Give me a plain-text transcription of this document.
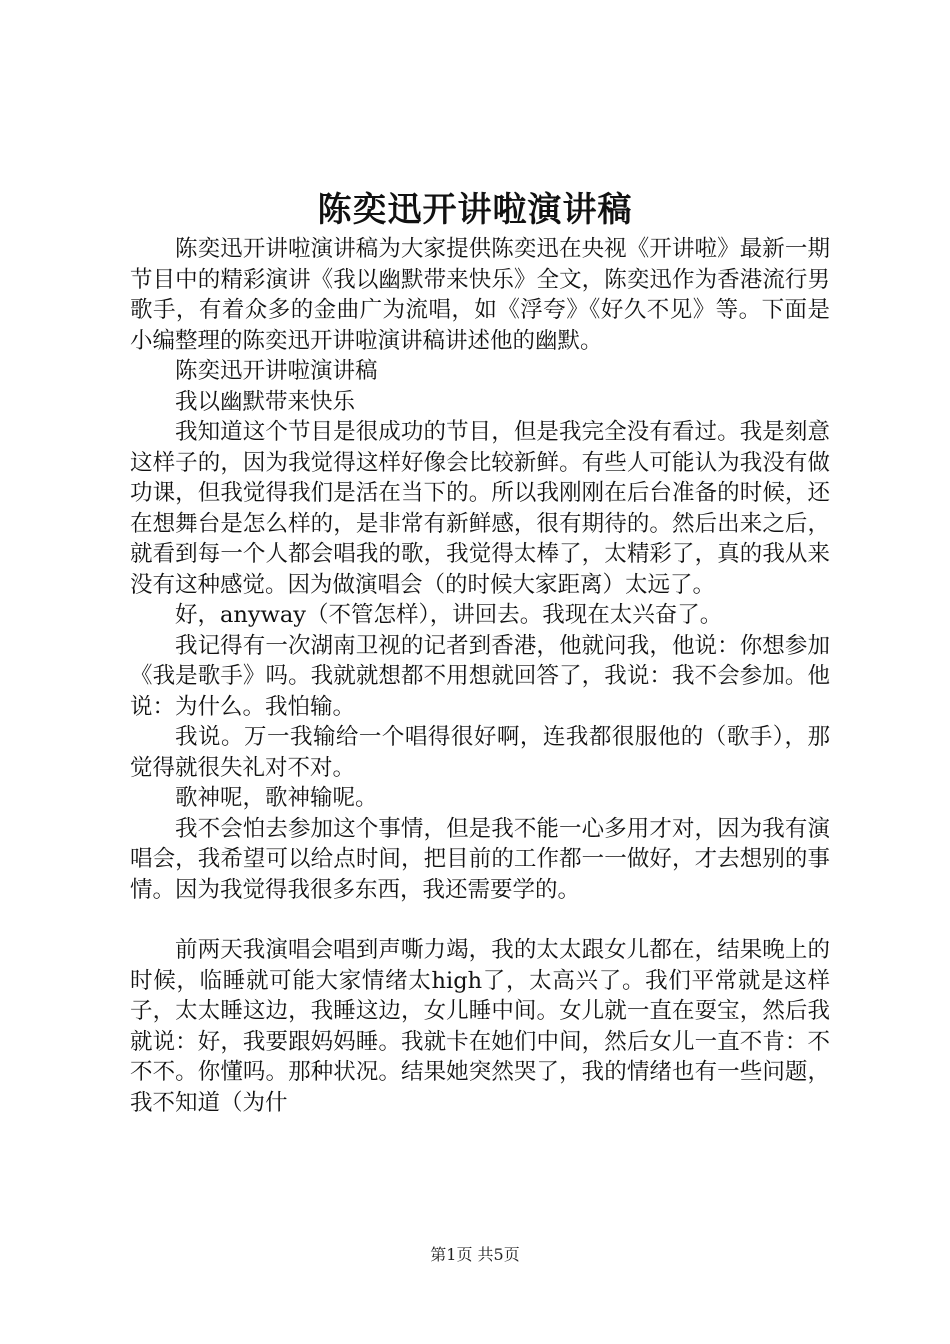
陈奕迅开讲啦演讲稿

陈奕迅开讲啦演讲稿为大家提供陈奕迅在央视《开讲啦》最新一期节目中的精彩演讲《我以幽默带来快乐》全文，陈奕迅作为香港流行男歌手，有着众多的金曲广为流唱，如《浮夸》《好久不见》等。下面是小编整理的陈奕迅开讲啦演讲稿讲述他的幽默。

陈奕迅开讲啦演讲稿

我以幽默带来快乐

我知道这个节目是很成功的节目，但是我完全没有看过。我是刻意这样子的，因为我觉得这样好像会比较新鲜。有些人可能认为我没有做功课，但我觉得我们是活在当下的。所以我刚刚在后台准备的时候，还在想舞台是怎么样的，是非常有新鲜感，很有期待的。然后出来之后，就看到每一个人都会唱我的歌，我觉得太棒了，太精彩了，真的我从来没有这种感觉。因为做演唱会（的时候大家距离）太远了。

好，anyway（不管怎样），讲回去。我现在太兴奋了。

我记得有一次湖南卫视的记者到香港，他就问我，他说：你想参加《我是歌手》吗。我就就想都不用想就回答了，我说：我不会参加。他说：为什么。我怕输。

我说。万一我输给一个唱得很好啊，连我都很服他的（歌手），那觉得就很失礼对不对。

歌神呢，歌神输呢。

我不会怕去参加这个事情，但是我不能一心多用才对，因为我有演唱会，我希望可以给点时间，把目前的工作都一一做好，才去想别的事情。因为我觉得我很多东西，我还需要学的。

前两天我演唱会唱到声嘶力竭，我的太太跟女儿都在，结果晚上的时候，临睡就可能大家情绪太high了，太高兴了。我们平常就是这样子，太太睡这边，我睡这边，女儿睡中间。女儿就一直在耍宝，然后我就说：好，我要跟妈妈睡。我就卡在她们中间，然后女儿一直不肯：不不不。你懂吗。那种状况。结果她突然哭了，我的情绪也有一些问题，我不知道（为什

第1页 共5页
